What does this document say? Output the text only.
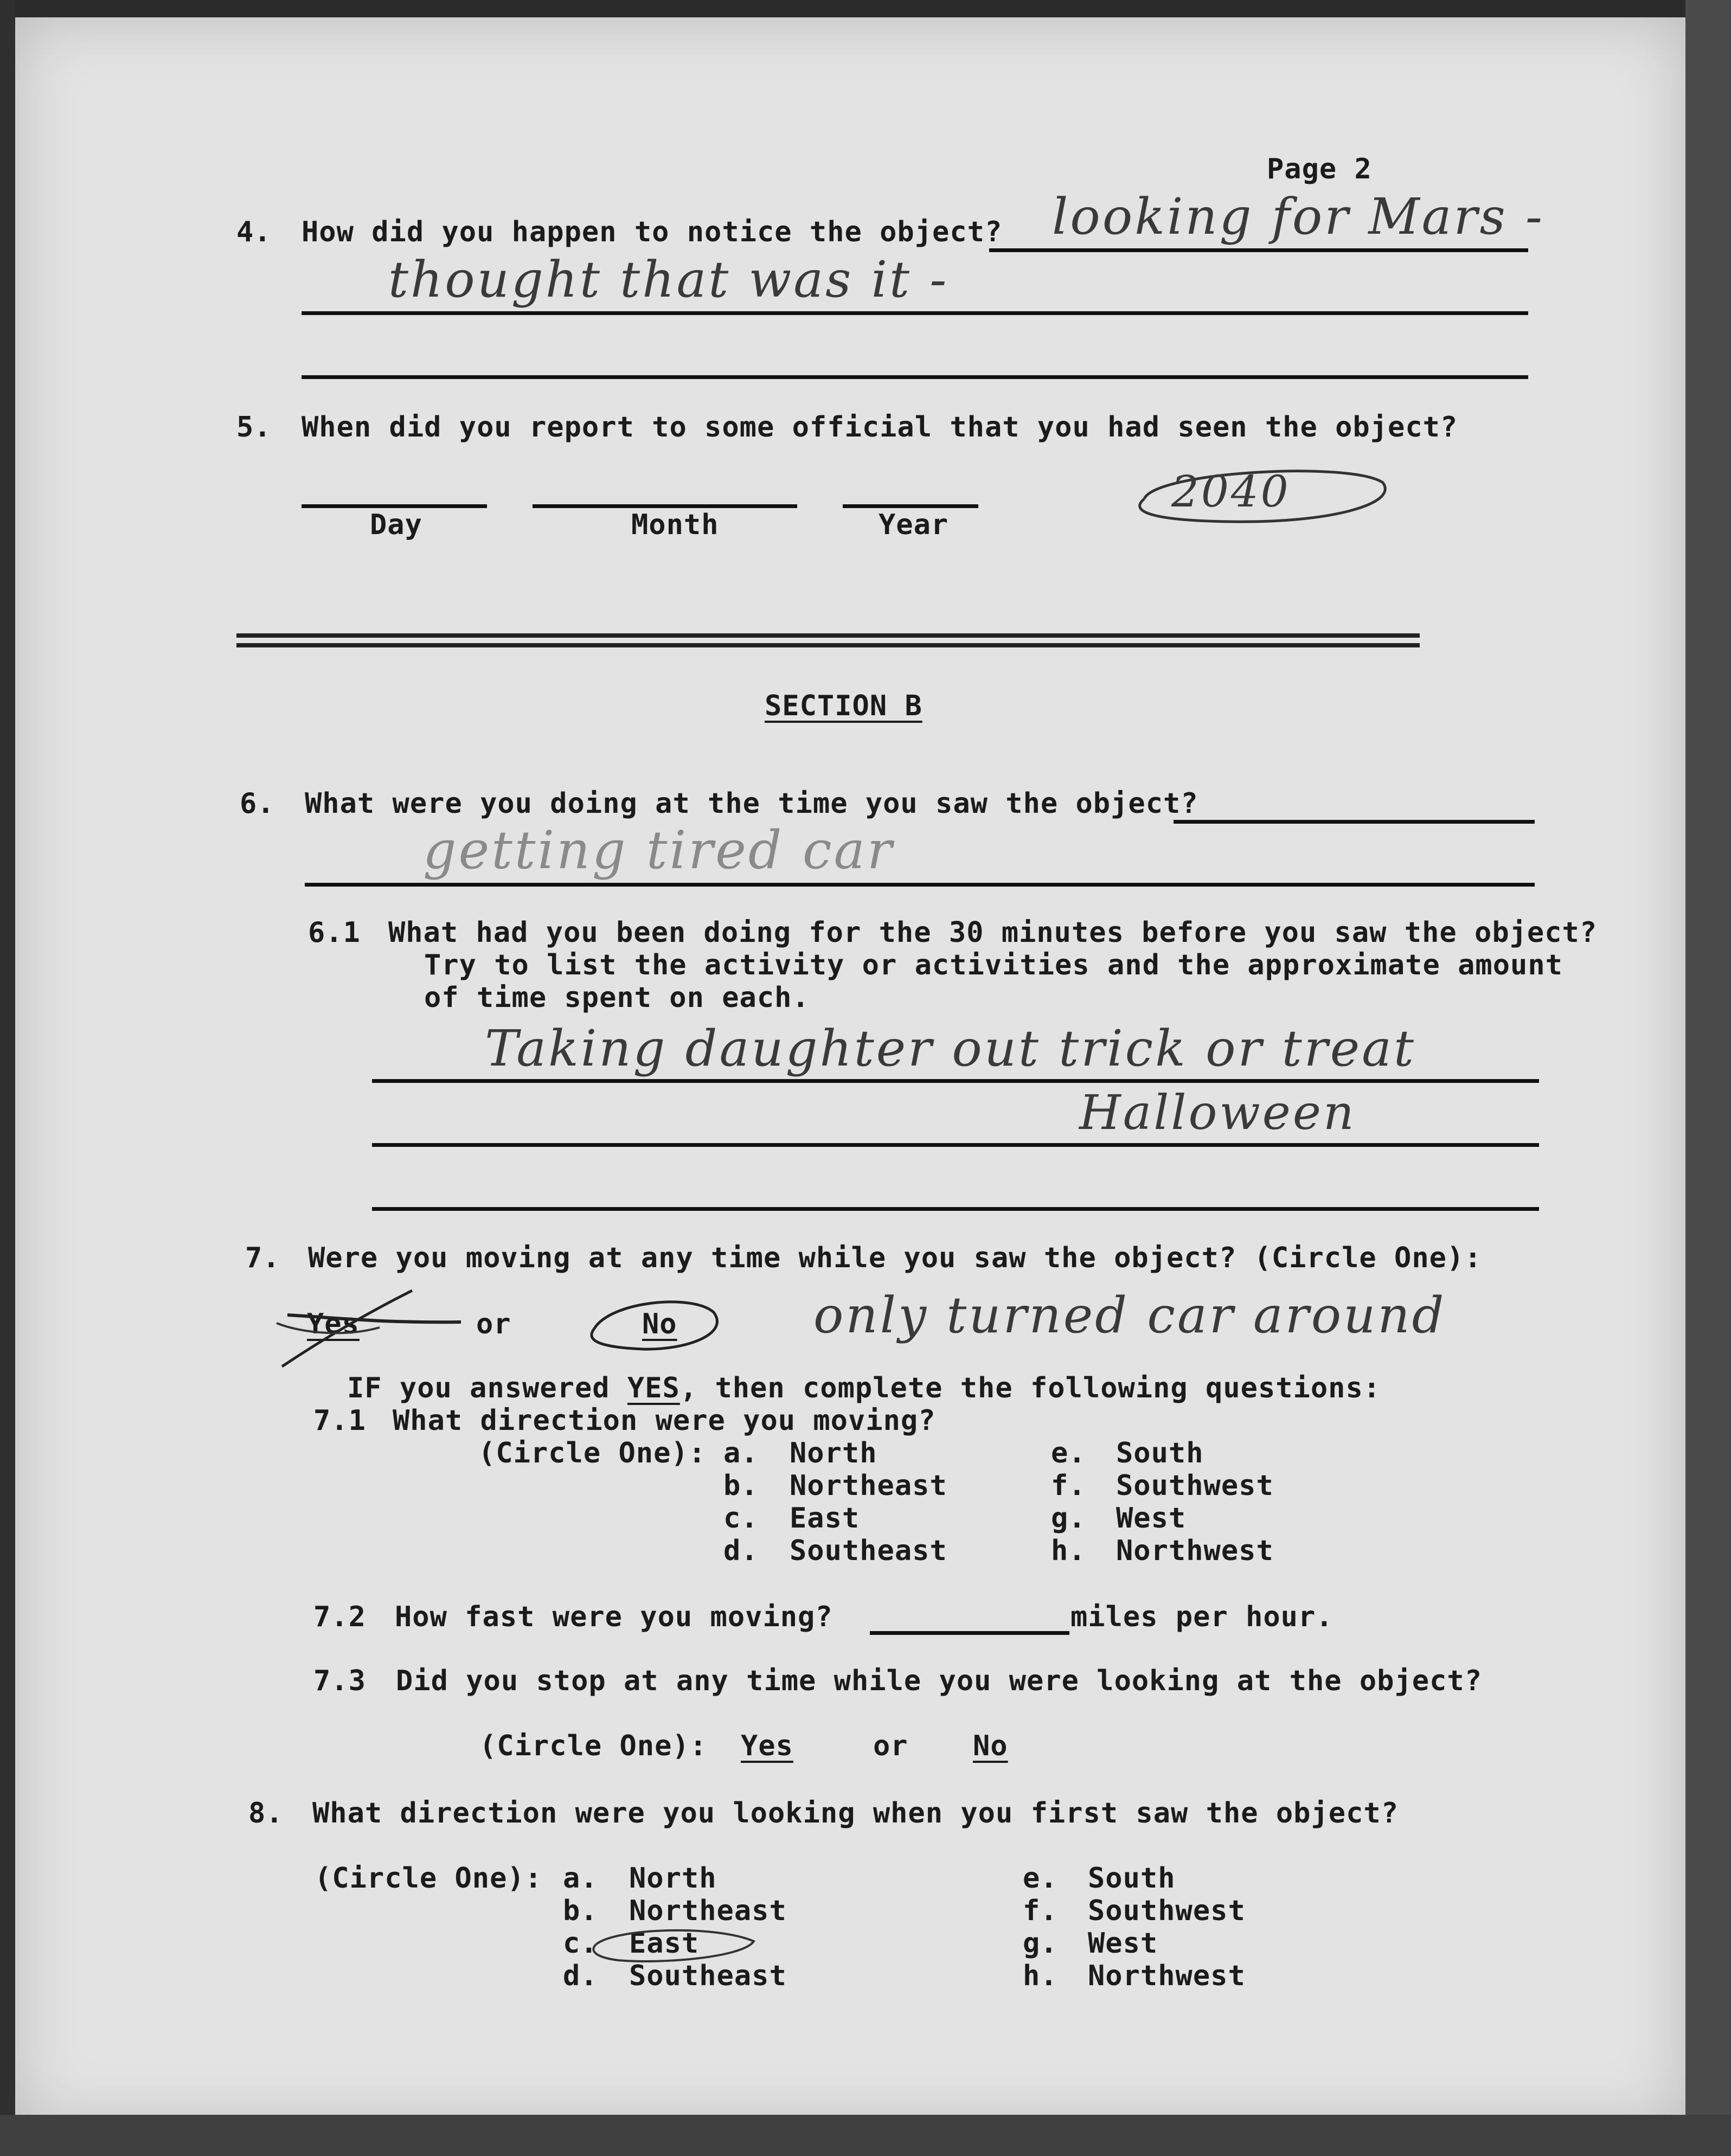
Page 2
4. How did you happen to notice the object? looking for Mars -
thought that was it -
5. When did you report to some official that you had seen the object?
Day	Month	Year
2040
SECTION B
6. What were you doing at the time you saw the object?
getting tired car
6.1 What had you been doing for the 30 minutes before you saw the object?
Try to list the activity or activities and the approximate amount
of time spent on each.
Taking daughter out trick or treat
Halloween
7. Were you moving at any time while you saw the object? (Circle One):
Yes	or	No	only turned car around
IF you answered YES, then complete the following questions:
7.1 What direction were you moving?
(Circle One): a. North
b. Northeast
c. East
d. Southeast
e. South
f. Southwest
g. West
h. Northwest
7.2 How fast were you moving?	miles per hour.
7.3 Did you stop at any time while you were looking at the object?
(Circle One): Yes	or No
8. What direction were you looking when you first saw the object?
(Circle One): a. North
b. Northeast
c. East
d. Southeast
e. South
f. Southwest
g. West
h. Northwest
